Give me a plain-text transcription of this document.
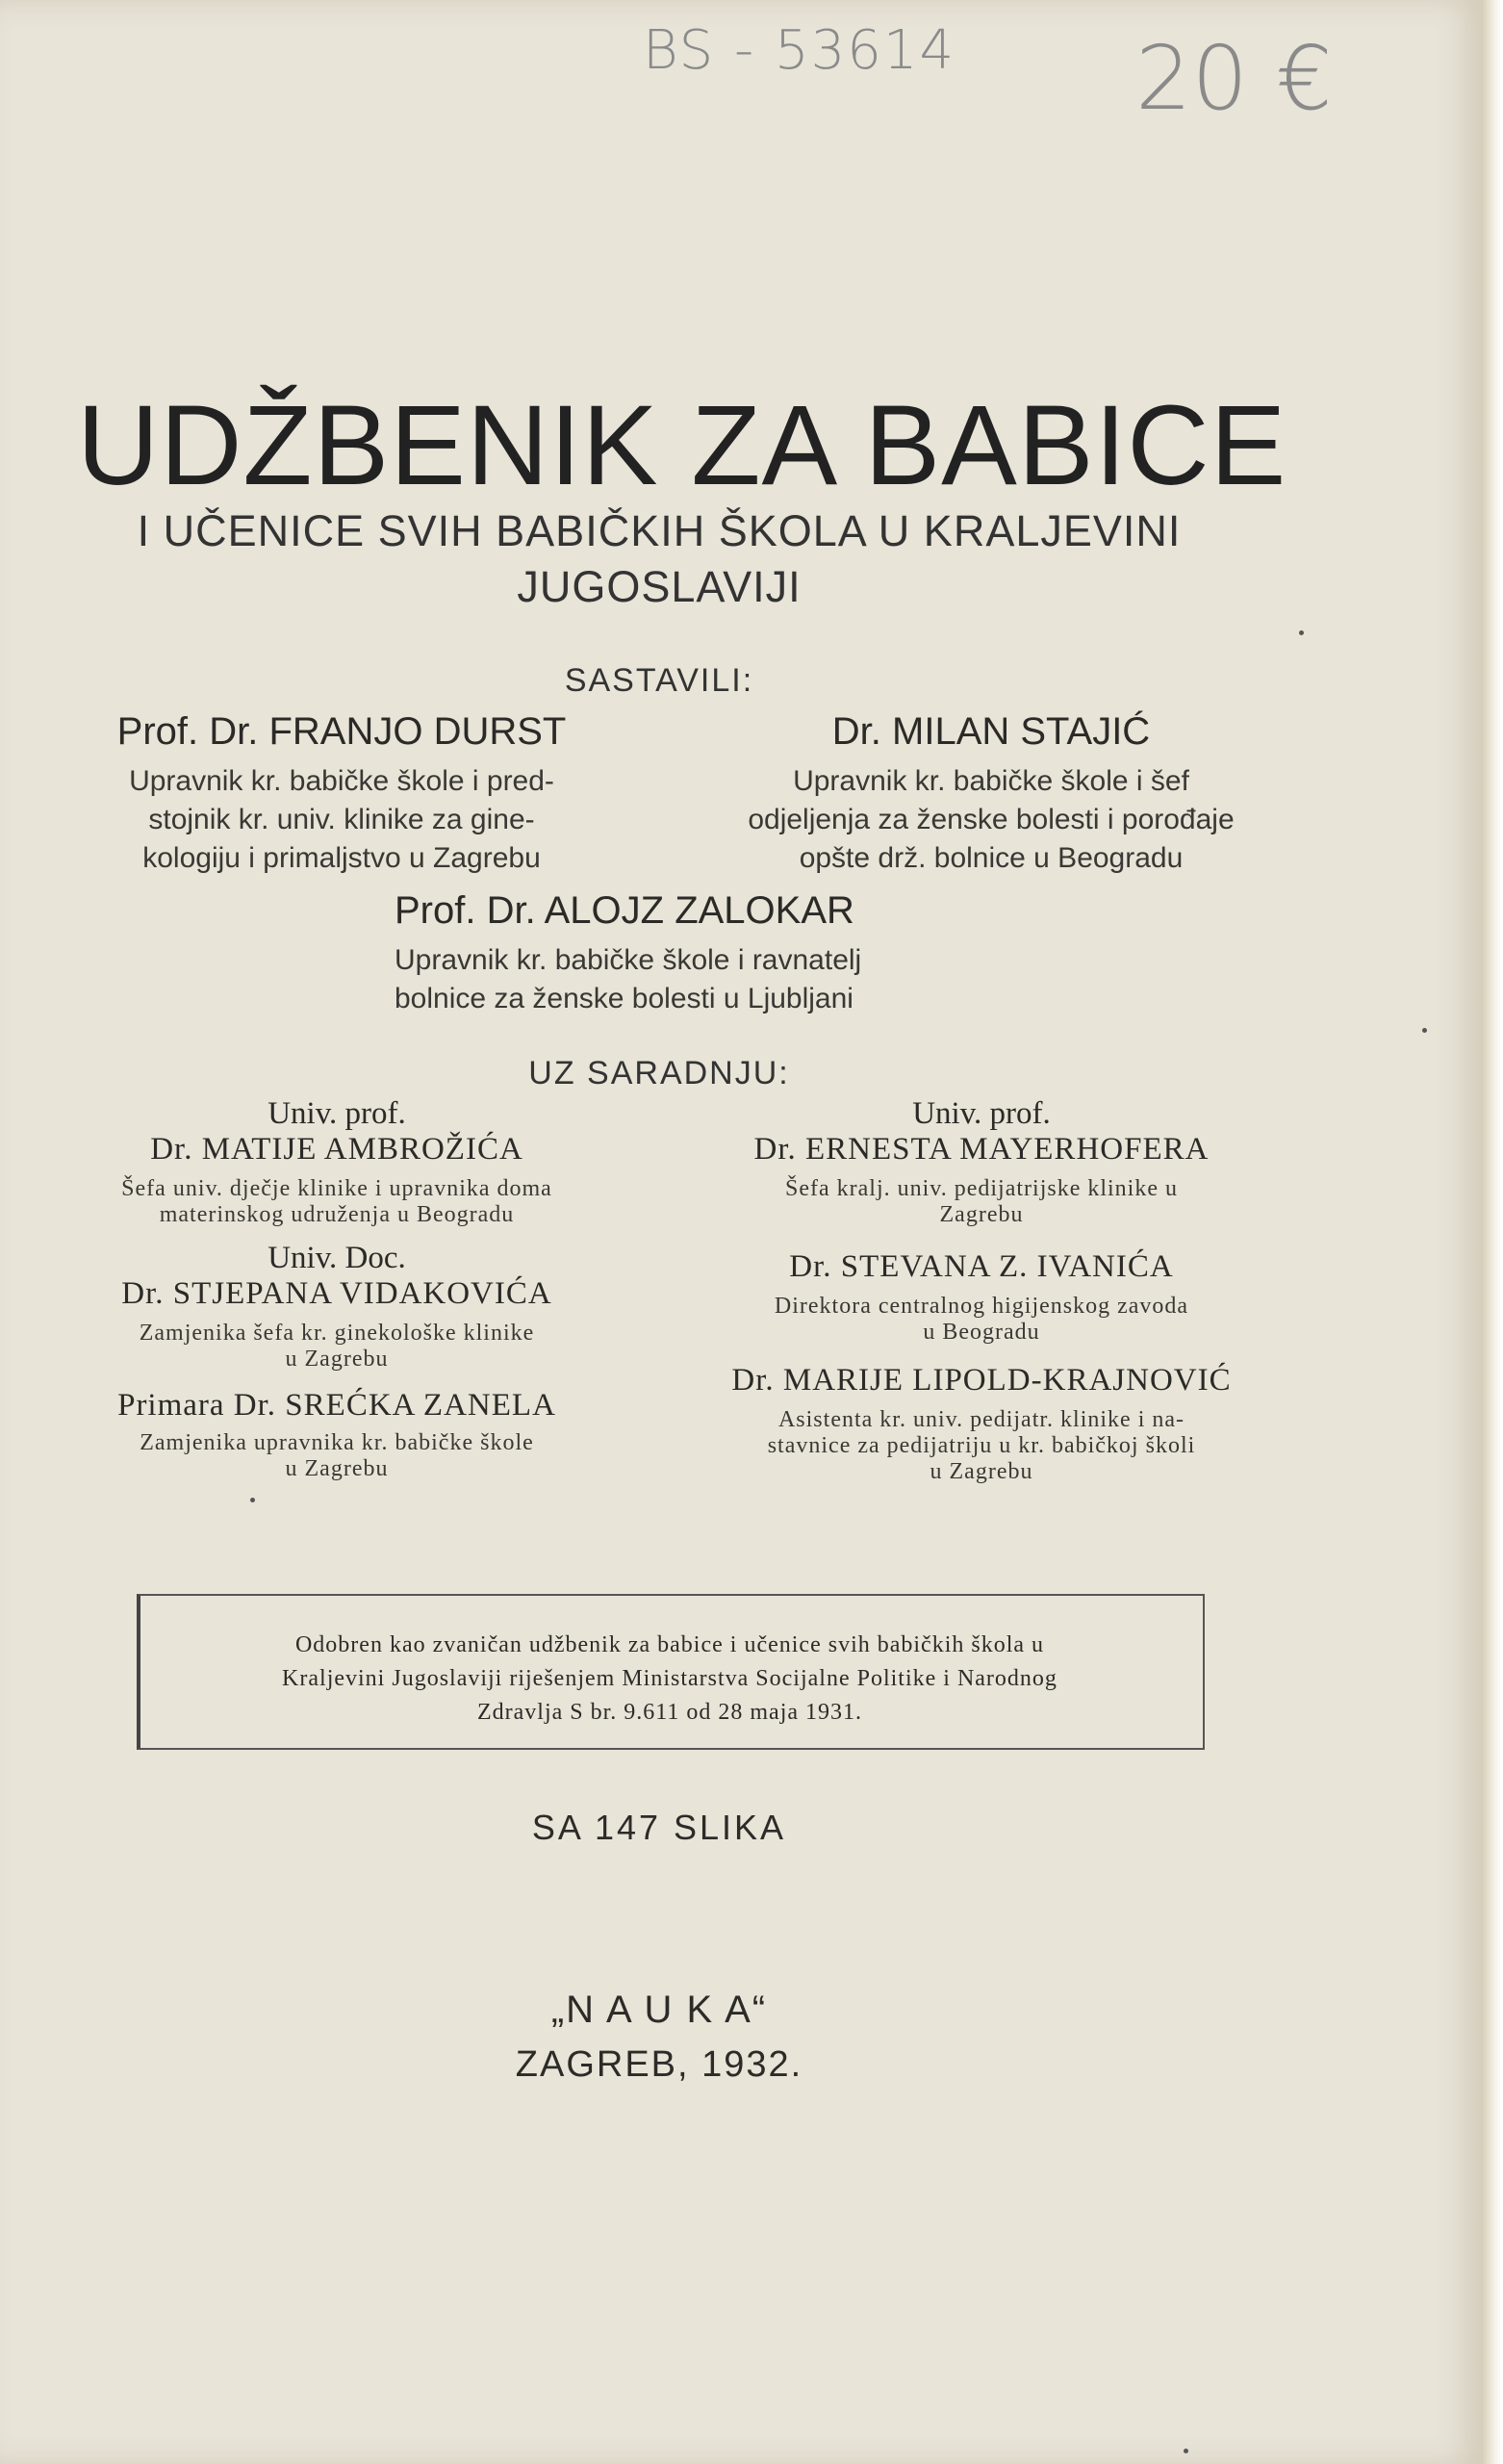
BS - 53614 20 €
UDŽBENIK ZA BABICE
I UČENICE SVIH BABIČKIH ŠKOLA U KRALJEVINI
JUGOSLAVIJI
SASTAVILI:
Prof. Dr. FRANJO DURST
Upravnik kr. babičke škole i pred-
stojnik kr. univ. klinike za gine-
kologiju i primaljstvo u Zagrebu
Dr. MILAN STAJIĆ
Upravnik kr. babičke škole i šef
odjeljenja za ženske bolesti i porođaje
opšte drž. bolnice u Beogradu
Prof. Dr. ALOJZ ZALOKAR
Upravnik kr. babičke škole i ravnatelj
bolnice za ženske bolesti u Ljubljani
UZ SARADNJU:
Univ. prof.
Dr. MATIJE AMBROŽIĆA
Šefa univ. dječje klinike i upravnika doma
materinskog udruženja u Beogradu
Univ. Doc.
Dr. STJEPANA VIDAKOVIĆA
Zamjenika šefa kr. ginekološke klinike
u Zagrebu
Primara Dr. SREĆKA ZANELA
Zamjenika upravnika kr. babičke škole
u Zagrebu
Univ. prof.
Dr. ERNESTA MAYERHOFERA
Šefa kralj. univ. pedijatrijske klinike u
Zagrebu
Dr. STEVANA Z. IVANIĆA
Direktora centralnog higijenskog zavoda
u Beogradu
Dr. MARIJE LIPOLD-KRAJNOVIĆ
Asistenta kr. univ. pedijatr. klinike i na-
stavnice za pedijatriju u kr. babičkoj školi
u Zagrebu
Odobren kao zvaničan udžbenik za babice i učenice svih babičkih škola u
Kraljevini Jugoslaviji riješenjem Ministarstva Socijalne Politike i Narodnog
Zdravlja S br. 9.611 od 28 maja 1931.
SA 147 SLIKA
„N A U K A“
ZAGREB, 1932.
